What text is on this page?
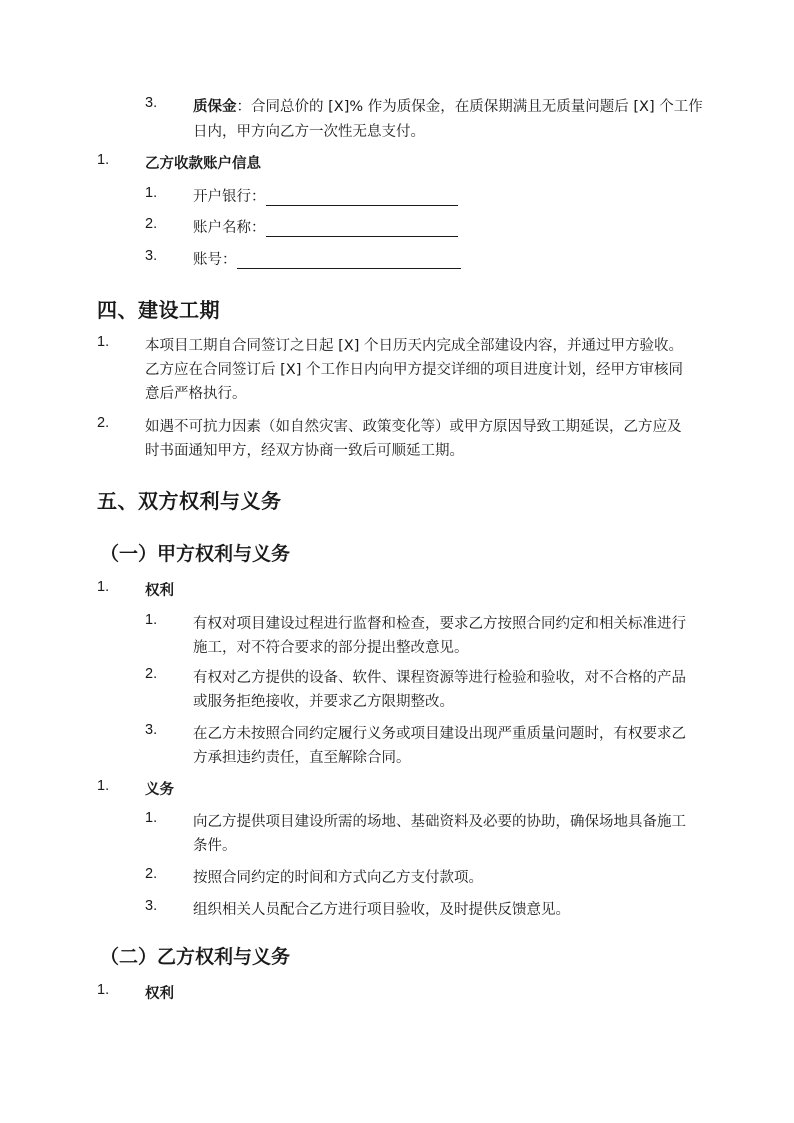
3. 质保金：合同总价的 [X]% 作为质保金，在质保期满且无质量问题后 [X] 个工作
日内，甲方向乙方一次性无息支付。
1. 乙方收款账户信息
1. 开户银行：
2. 账户名称：
3. 账号：
四、建设工期
1. 本项目工期自合同签订之日起 [X] 个日历天内完成全部建设内容，并通过甲方验收。
乙方应在合同签订后 [X] 个工作日内向甲方提交详细的项目进度计划，经甲方审核同
意后严格执行。
2. 如遇不可抗力因素（如自然灾害、政策变化等）或甲方原因导致工期延误，乙方应及
时书面通知甲方，经双方协商一致后可顺延工期。
五、双方权利与义务
（一）甲方权利与义务
1. 权利
1. 有权对项目建设过程进行监督和检查，要求乙方按照合同约定和相关标准进行
施工，对不符合要求的部分提出整改意见。
2. 有权对乙方提供的设备、软件、课程资源等进行检验和验收，对不合格的产品
或服务拒绝接收，并要求乙方限期整改。
3. 在乙方未按照合同约定履行义务或项目建设出现严重质量问题时，有权要求乙
方承担违约责任，直至解除合同。
1. 义务
1. 向乙方提供项目建设所需的场地、基础资料及必要的协助，确保场地具备施工
条件。
2. 按照合同约定的时间和方式向乙方支付款项。
3. 组织相关人员配合乙方进行项目验收，及时提供反馈意见。
（二）乙方权利与义务
1. 权利
